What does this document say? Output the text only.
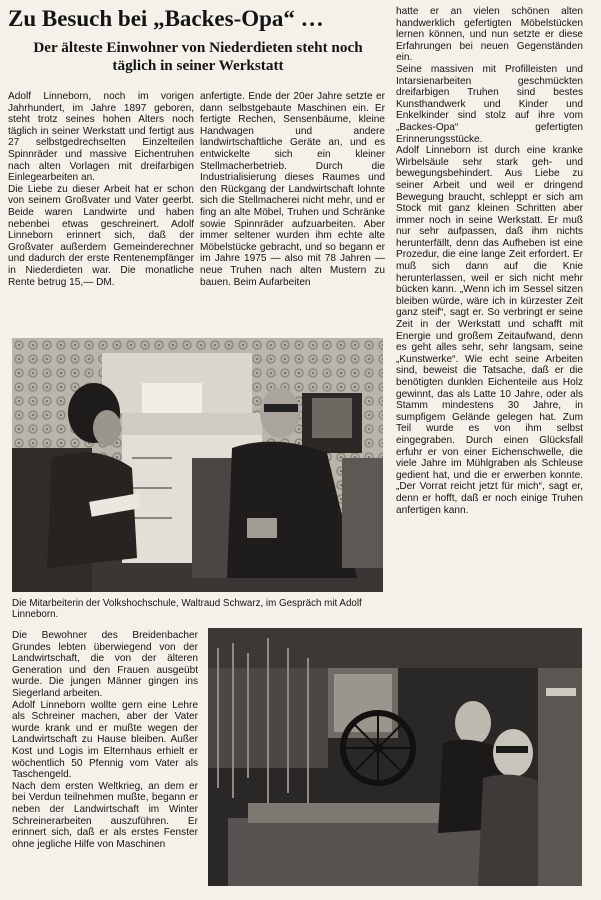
Zu Besuch bei „Backes-Opa“ …
Der älteste Einwohner von Niederdieten steht noch täglich in seiner Werkstatt

Adolf Linneborn, noch im vorigen Jahrhundert, im Jahre 1897 geboren, steht trotz seines hohen Alters noch täglich in seiner Werkstatt und fertigt aus 27 selbstgedrechselten Einzelteilen Spinnräder und massive Eichentruhen nach alten Vorlagen mit dreifarbigen Einlegearbeiten an.

Die Liebe zu dieser Arbeit hat er schon von seinem Großvater und Vater geerbt. Beide waren Landwirte und haben nebenbei etwas geschreinert. Adolf Linneborn erinnert sich, daß der Großvater außerdem Gemeinderechner und dadurch der erste Rentenempfänger in Niederdieten war. Die monatliche Rente betrug 15,— DM.

anfertigte. Ende der 20er Jahre setzte er dann selbstgebaute Maschinen ein. Er fertigte Rechen, Sensenbäume, kleine Handwagen und andere landwirtschaftliche Geräte an, und es entwickelte sich ein kleiner Stellmacherbetrieb. Durch die Industrialisierung dieses Raumes und den Rückgang der Landwirtschaft lohnte sich die Stellmacherei nicht mehr, und er fing an alte Möbel, Truhen und Schränke sowie Spinnräder aufzuarbeiten. Aber immer seltener wurden ihm echte alte Möbelstücke gebracht, und so begann er im Jahre 1975 — also mit 78 Jahren — neue Truhen nach alten Mustern zu bauen. Beim Aufarbeiten

hatte er an vielen schönen alten handwerklich gefertigten Möbelstücken lernen können, und nun setzte er diese Erfahrungen bei neuen Gegenständen ein.

Seine massiven mit Profilleisten und Intarsienarbeiten geschmückten dreifarbigen Truhen sind bestes Kunsthandwerk und Kinder und Enkelkinder sind stolz auf ihre vom „Backes-Opa“ gefertigten Erinnerungsstücke.

Adolf Linneborn ist durch eine kranke Wirbelsäule sehr stark geh- und bewegungsbehindert. Aus Liebe zu seiner Arbeit und weil er dringend Bewegung braucht, schleppt er sich am Stock mit ganz kleinen Schritten aber immer noch in seine Werkstatt. Er muß nur sehr aufpassen, daß ihm nichts herunterfällt, denn das Aufheben ist eine Prozedur, die eine lange Zeit erfordert. Er muß sich dann auf die Knie herunterlassen, weil er sich nicht mehr bücken kann. „Wenn ich im Sessel sitzen bleiben würde, wäre ich in kürzester Zeit ganz steif“, sagt er. So verbringt er seine Zeit in der Werkstatt und schafft mit Energie und großem Zeitaufwand, denn es geht alles sehr, sehr langsam, seine „Kunstwerke“. Wie echt seine Arbeiten sind, beweist die Tatsache, daß er die benötigten dunklen Eichenteile aus Holz gewinnt, das als Latte 10 Jahre, oder als Stamm mindestens 30 Jahre, in sumpfigem Gelände gelegen hat. Zum Teil wurde es von ihm selbst eingegraben. Durch einen Glücksfall erfuhr er von einer Eichenschwelle, die viele Jahre im Mühlgraben als Schleuse gedient hat, und die er erwerben konnte. „Der Vorrat reicht jetzt für mich“, sagt er, denn er hofft, daß er noch einige Truhen anfertigen kann.

Die Mitarbeiterin der Volkshochschule, Waltraud Schwarz, im Gespräch mit Adolf Linneborn.

Die Bewohner des Breidenbacher Grundes lebten überwiegend von der Landwirtschaft, die von der älteren Generation und den Frauen ausgeübt wurde. Die jungen Männer gingen ins Siegerland arbeiten.

Adolf Linneborn wollte gern eine Lehre als Schreiner machen, aber der Vater wurde krank und er mußte wegen der Landwirtschaft zu Hause bleiben. Außer Kost und Logis im Elternhaus erhielt er wöchentlich 50 Pfennig vom Vater als Taschengeld.

Nach dem ersten Weltkrieg, an dem er bei Verdun teilnehmen mußte, begann er neben der Landwirtschaft im Winter Schreinerarbeiten auszuführen. Er erinnert sich, daß er als erstes Fenster ohne jegliche Hilfe von Maschinen
